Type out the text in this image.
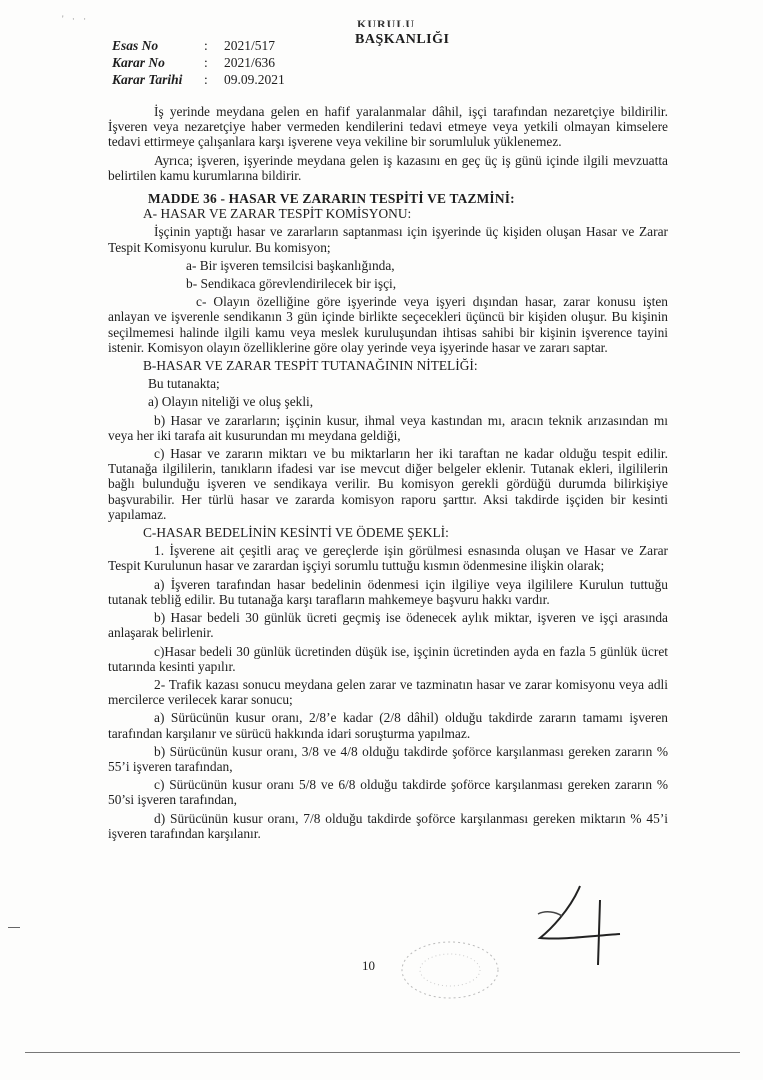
' · ·	KURULU
BAŞKANLIĞI
Esas No	:	2021/517
Karar No	:	2021/636
Karar Tarihi	:	09.09.2021

İş yerinde meydana gelen en hafif yaralanmalar dâhil, işçi tarafından nezaretçiye bildirilir. İşveren veya nezaretçiye haber vermeden kendilerini tedavi etmeye veya yetkili olmayan kimselere tedavi ettirmeye çalışanlara karşı işverene veya vekiline bir sorumluluk yüklenemez.

Ayrıca; işveren, işyerinde meydana gelen iş kazasını en geç üç iş günü içinde ilgili mevzuatta belirtilen kamu kurumlarına bildirir.

MADDE 36 - HASAR VE ZARARIN TESPİTİ VE TAZMİNİ:

A- HASAR VE ZARAR TESPİT KOMİSYONU:

İşçinin yaptığı hasar ve zararların saptanması için işyerinde üç kişiden oluşan Hasar ve Zarar Tespit Komisyonu kurulur. Bu komisyon;

a- Bir işveren temsilcisi başkanlığında,

b- Sendikaca görevlendirilecek bir işçi,

c- Olayın özelliğine göre işyerinde veya işyeri dışından hasar, zarar konusu işten anlayan ve işverenle sendikanın 3 gün içinde birlikte seçecekleri üçüncü bir kişiden oluşur. Bu kişinin seçilmemesi halinde ilgili kamu veya meslek kuruluşundan ihtisas sahibi bir kişinin işverence tayini istenir. Komisyon olayın özelliklerine göre olay yerinde veya işyerinde hasar ve zararı saptar.

B-HASAR VE ZARAR TESPİT TUTANAĞININ NİTELİĞİ:

Bu tutanakta;

a) Olayın niteliği ve oluş şekli,

b) Hasar ve zararların; işçinin kusur, ihmal veya kastından mı, aracın teknik arızasından mı veya her iki tarafa ait kusurundan mı meydana geldiği,

c) Hasar ve zararın miktarı ve bu miktarların her iki taraftan ne kadar olduğu tespit edilir. Tutanağa ilgililerin, tanıkların ifadesi var ise mevcut diğer belgeler eklenir. Tutanak ekleri, ilgililerin bağlı bulunduğu işveren ve sendikaya verilir. Bu komisyon gerekli gördüğü durumda bilirkişiye başvurabilir. Her türlü hasar ve zararda komisyon raporu şarttır. Aksi takdirde işçiden bir kesinti yapılamaz.

C-HASAR BEDELİNİN KESİNTİ VE ÖDEME ŞEKLİ:

1. İşverene ait çeşitli araç ve gereçlerde işin görülmesi esnasında oluşan ve Hasar ve Zarar Tespit Kurulunun hasar ve zarardan işçiyi sorumlu tuttuğu kısmın ödenmesine ilişkin olarak;

a) İşveren tarafından hasar bedelinin ödenmesi için ilgiliye veya ilgililere Kurulun tuttuğu tutanak tebliğ edilir. Bu tutanağa karşı tarafların mahkemeye başvuru hakkı vardır.

b) Hasar bedeli 30 günlük ücreti geçmiş ise ödenecek aylık miktar, işveren ve işçi arasında anlaşarak belirlenir.

c)Hasar bedeli 30 günlük ücretinden düşük ise, işçinin ücretinden ayda en fazla 5 günlük ücret tutarında kesinti yapılır.

2- Trafik kazası sonucu meydana gelen zarar ve tazminatın hasar ve zarar komisyonu veya adli mercilerce verilecek karar sonucu;

a) Sürücünün kusur oranı, 2/8’e kadar (2/8 dâhil) olduğu takdirde zararın tamamı işveren tarafından karşılanır ve sürücü hakkında idari soruşturma yapılmaz.

b) Sürücünün kusur oranı, 3/8 ve 4/8 olduğu takdirde şoförce karşılanması gereken zararın % 55’i işveren tarafından,

c) Sürücünün kusur oranı 5/8 ve 6/8 olduğu takdirde şoförce karşılanması gereken zararın % 50’si işveren tarafından,

d) Sürücünün kusur oranı, 7/8 olduğu takdirde şoförce karşılanması gereken miktarın % 45’i işveren tarafından karşılanır.

10
